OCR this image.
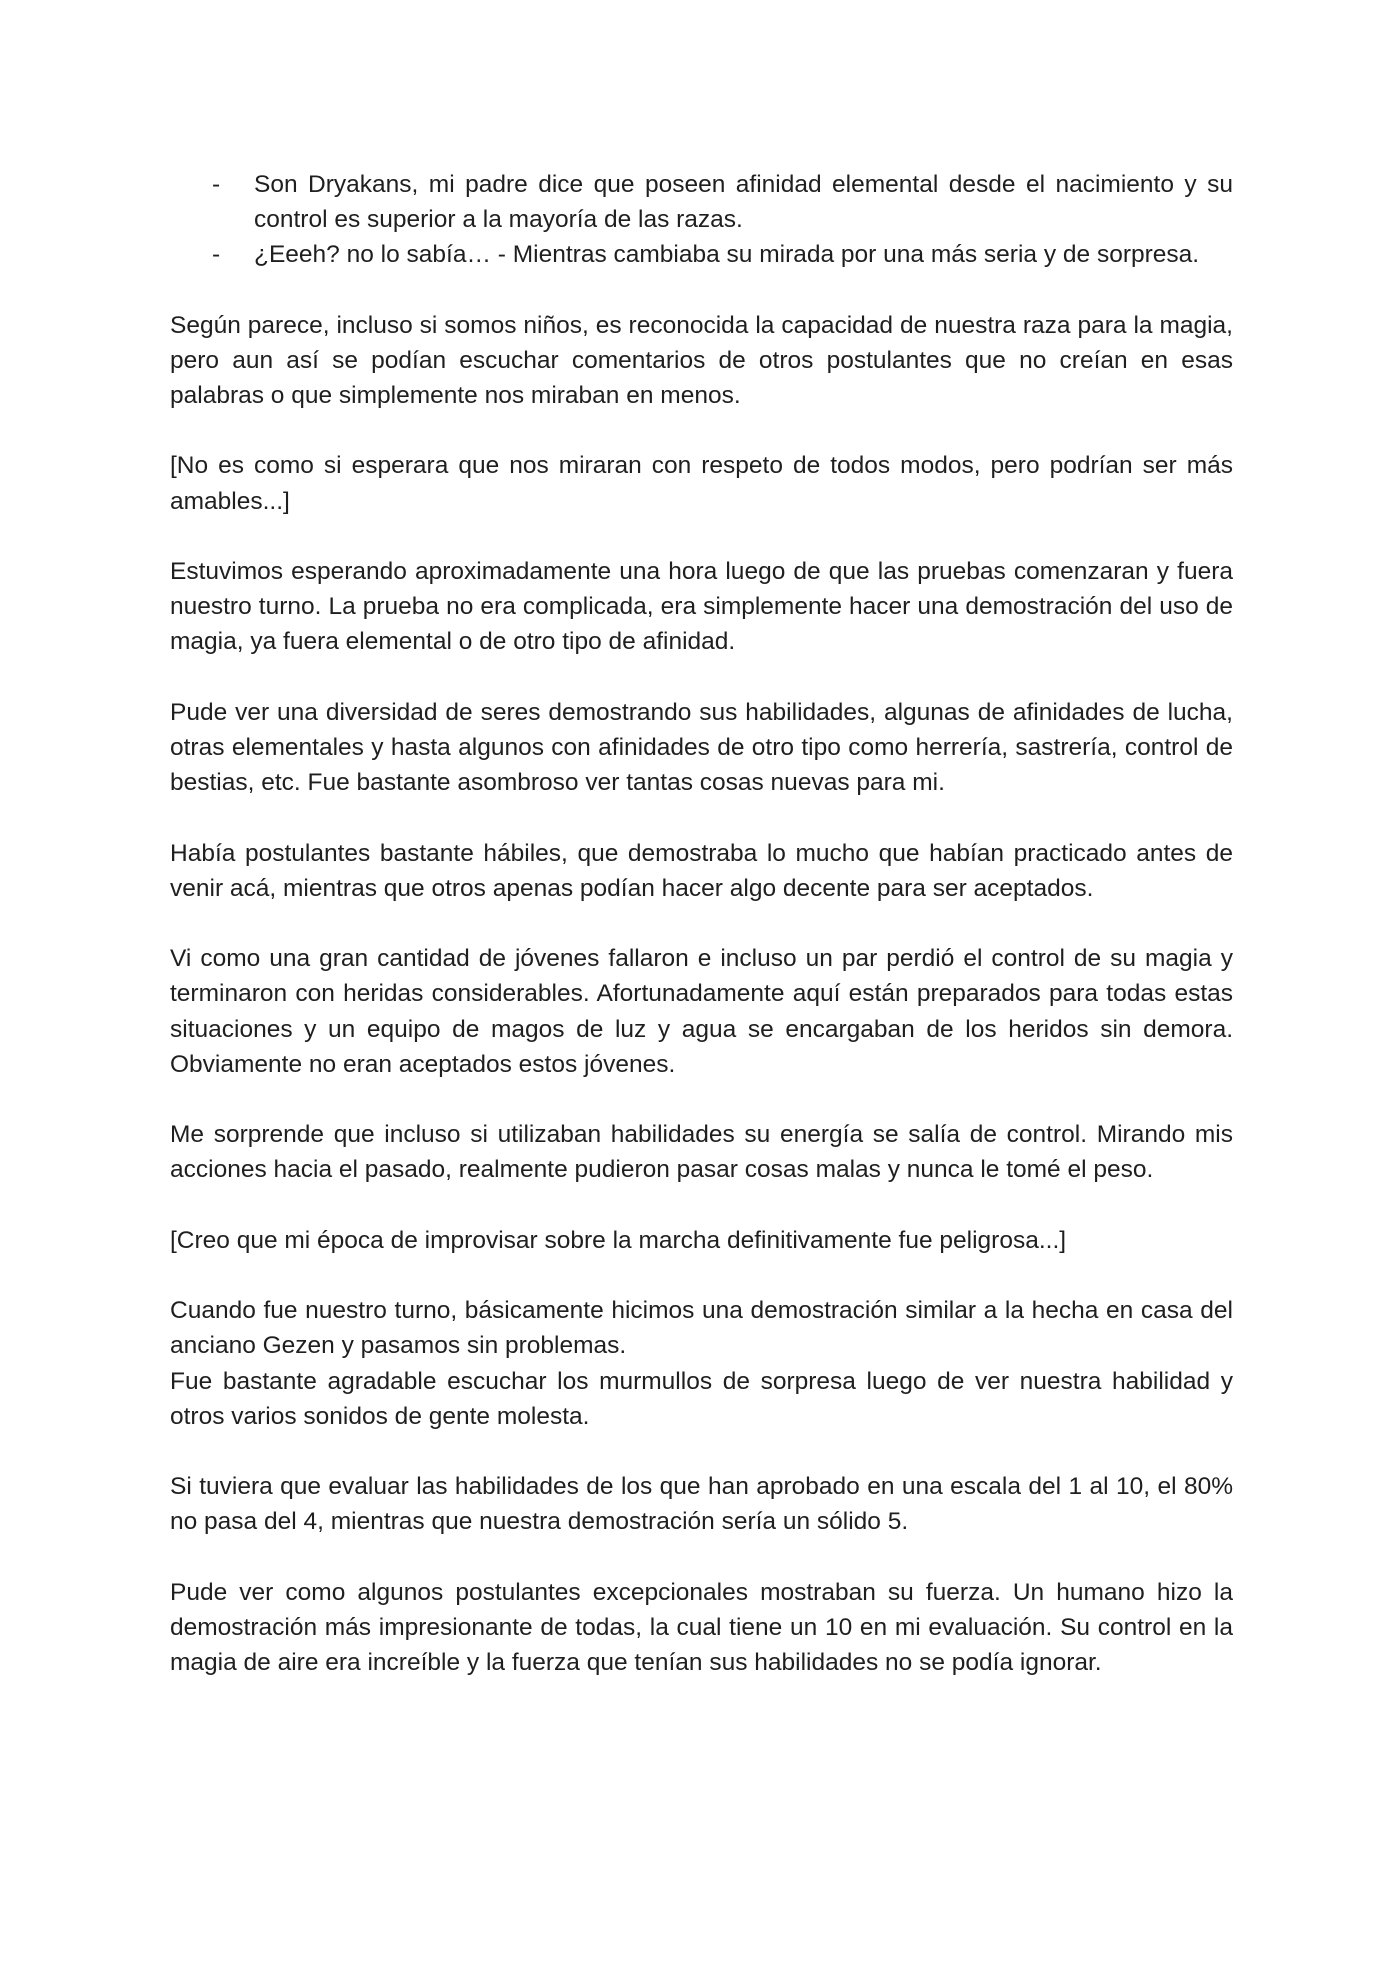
- Son Dryakans, mi padre dice que poseen afinidad elemental desde el nacimiento y su control es superior a la mayoría de las razas.
- ¿Eeeh? no lo sabía… - Mientras cambiaba su mirada por una más seria y de sorpresa.

Según parece, incluso si somos niños, es reconocida la capacidad de nuestra raza para la magia, pero aun así se podían escuchar comentarios de otros postulantes que no creían en esas palabras o que simplemente nos miraban en menos.

[No es como si esperara que nos miraran con respeto de todos modos, pero podrían ser más amables...]

Estuvimos esperando aproximadamente una hora luego de que las pruebas comenzaran y fuera nuestro turno. La prueba no era complicada, era simplemente hacer una demostración del uso de magia, ya fuera elemental o de otro tipo de afinidad.

Pude ver una diversidad de seres demostrando sus habilidades, algunas de afinidades de lucha, otras elementales y hasta algunos con afinidades de otro tipo como herrería, sastrería, control de bestias, etc. Fue bastante asombroso ver tantas cosas nuevas para mi.

Había postulantes bastante hábiles, que demostraba lo mucho que habían practicado antes de venir acá, mientras que otros apenas podían hacer algo decente para ser aceptados.

Vi como una gran cantidad de jóvenes fallaron e incluso un par perdió el control de su magia y terminaron con heridas considerables. Afortunadamente aquí están preparados para todas estas situaciones y un equipo de magos de luz y agua se encargaban de los heridos sin demora. Obviamente no eran aceptados estos jóvenes.

Me sorprende que incluso si utilizaban habilidades su energía se salía de control. Mirando mis acciones hacia el pasado, realmente pudieron pasar cosas malas y nunca le tomé el peso.

[Creo que mi época de improvisar sobre la marcha definitivamente fue peligrosa...]

Cuando fue nuestro turno, básicamente hicimos una demostración similar a la hecha en casa del anciano Gezen y pasamos sin problemas.
Fue bastante agradable escuchar los murmullos de sorpresa luego de ver nuestra habilidad y otros varios sonidos de gente molesta.

Si tuviera que evaluar las habilidades de los que han aprobado en una escala del 1 al 10, el 80% no pasa del 4, mientras que nuestra demostración sería un sólido 5.

Pude ver como algunos postulantes excepcionales mostraban su fuerza. Un humano hizo la demostración más impresionante de todas, la cual tiene un 10 en mi evaluación. Su control en la magia de aire era increíble y la fuerza que tenían sus habilidades no se podía ignorar.
